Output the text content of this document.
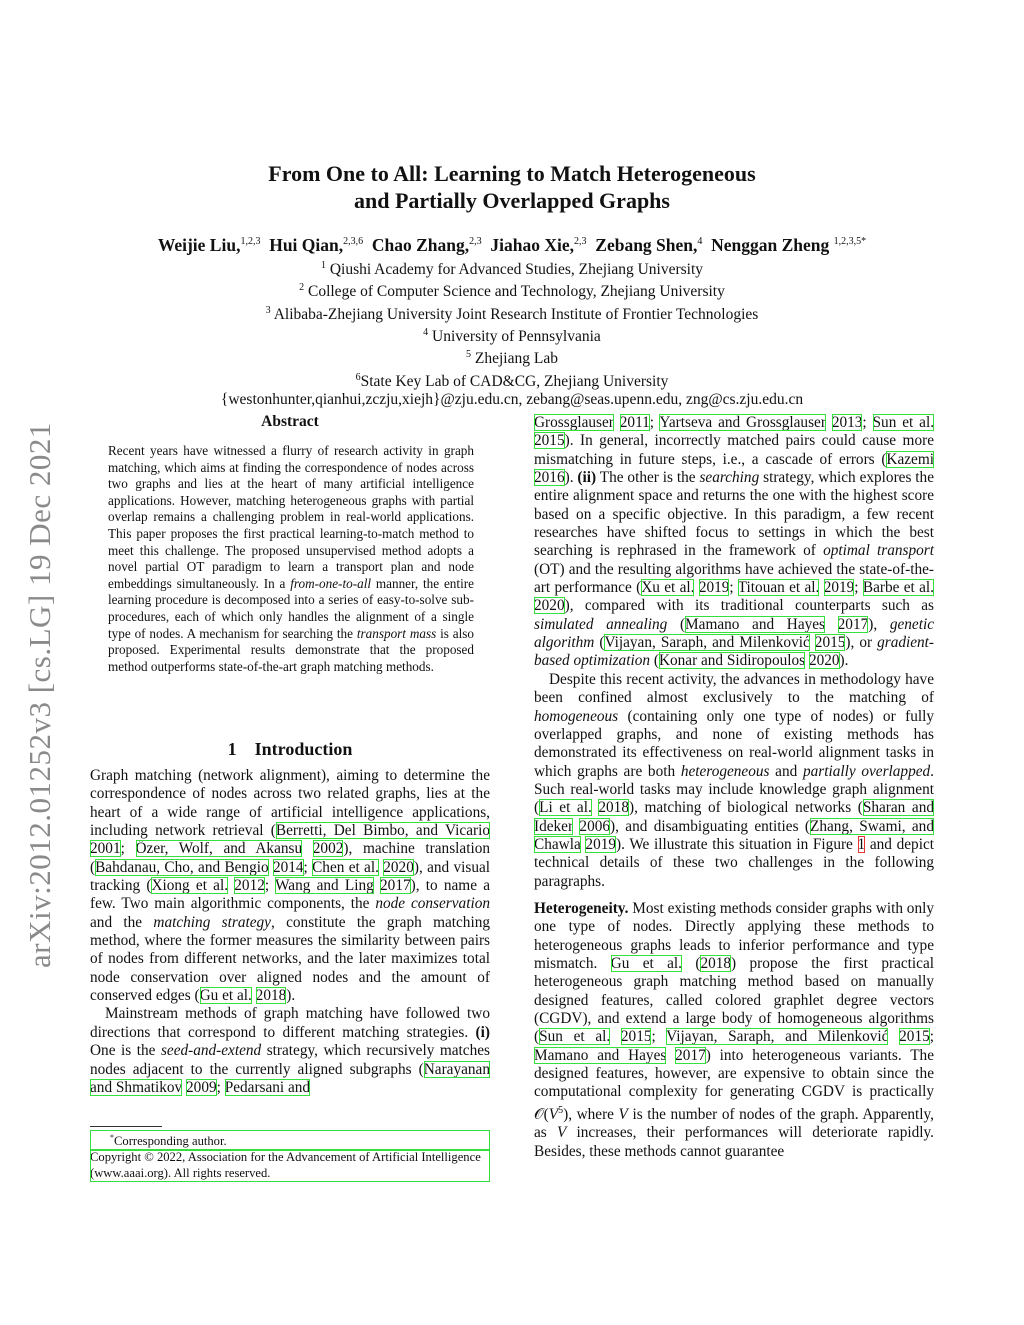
arXiv:2012.01252v3 [cs.LG] 19 Dec 2021
From One to All: Learning to Match Heterogeneous
and Partially Overlapped Graphs
Weijie Liu,$^{1,2,3}$ Hui Qian,$^{2,3,6}$ Chao Zhang,$^{2,3}$ Jiahao Xie,$^{2,3}$ Zebang Shen,$^4$ Nenggan Zheng $^{1,2,3,5*}$
$^1$ Qiushi Academy for Advanced Studies, Zhejiang University
$^2$ College of Computer Science and Technology, Zhejiang University
$^3$ Alibaba-Zhejiang University Joint Research Institute of Frontier Technologies
$^4$ University of Pennsylvania
$^5$ Zhejiang Lab
$^6$State Key Lab of CAD&CG, Zhejiang University
{westonhunter,qianhui,zczju,xiejh}@zju.edu.cn, zebang@seas.upenn.edu, zng@cs.zju.edu.cn
Abstract
Recent years have witnessed a flurry of research activity in graph matching, which aims at finding the correspondence of nodes across two graphs and lies at the heart of many artificial intelligence applications. However, matching heterogeneous graphs with partial overlap remains a challenging problem in real-world applications. This paper proposes the first practical learning-to-match method to meet this challenge. The proposed unsupervised method adopts a novel partial OT paradigm to learn a transport plan and node embeddings simultaneously. In a from-one-to-all manner, the entire learning procedure is decomposed into a series of easy-to-solve sub-procedures, each of which only handles the alignment of a single type of nodes. A mechanism for searching the transport mass is also proposed. Experimental results demonstrate that the proposed method outperforms state-of-the-art graph matching methods.
1 Introduction

Graph matching (network alignment), aiming to determine the correspondence of nodes across two related graphs, lies at the heart of a wide range of artificial intelligence applications, including network retrieval (Berretti, Del Bimbo, and Vicario 2001; Özer, Wolf, and Akansu 2002), machine translation (Bahdanau, Cho, and Bengio 2014; Chen et al. 2020), and visual tracking (Xiong et al. 2012; Wang and Ling 2017), to name a few. Two main algorithmic components, the node conservation and the matching strategy, constitute the graph matching method, where the former measures the similarity between pairs of nodes from different networks, and the later maximizes total node conservation over aligned nodes and the amount of conserved edges (Gu et al. 2018).

Mainstream methods of graph matching have followed two directions that correspond to different matching strategies. (i) One is the seed-and-extend strategy, which recursively matches nodes adjacent to the currently aligned subgraphs (Narayanan and Shmatikov 2009; Pedarsani and

*Corresponding author.
Copyright © 2022, Association for the Advancement of Artificial Intelligence (www.aaai.org). All rights reserved.

Grossglauser 2011; Yartseva and Grossglauser 2013; Sun et al. 2015). In general, incorrectly matched pairs could cause more mismatching in future steps, i.e., a cascade of errors (Kazemi 2016). (ii) The other is the searching strategy, which explores the entire alignment space and returns the one with the highest score based on a specific objective. In this paradigm, a few recent researches have shifted focus to settings in which the best searching is rephrased in the framework of optimal transport (OT) and the resulting algorithms have achieved the state-of-the-art performance (Xu et al. 2019; Titouan et al. 2019; Barbe et al. 2020), compared with its traditional counterparts such as simulated annealing (Mamano and Hayes 2017), genetic algorithm (Vijayan, Saraph, and Milenković 2015), or gradient-based optimization (Konar and Sidiropoulos 2020).

Despite this recent activity, the advances in methodology have been confined almost exclusively to the matching of homogeneous (containing only one type of nodes) or fully overlapped graphs, and none of existing methods has demonstrated its effectiveness on real-world alignment tasks in which graphs are both heterogeneous and partially overlapped. Such real-world tasks may include knowledge graph alignment (Li et al. 2018), matching of biological networks (Sharan and Ideker 2006), and disambiguating entities (Zhang, Swami, and Chawla 2019). We illustrate this situation in Figure 1 and depict technical details of these two challenges in the following paragraphs.

Heterogeneity. Most existing methods consider graphs with only one type of nodes. Directly applying these methods to heterogeneous graphs leads to inferior performance and type mismatch. Gu et al. (2018) propose the first practical heterogeneous graph matching method based on manually designed features, called colored graphlet degree vectors (CGDV), and extend a large body of homogeneous algorithms (Sun et al. 2015; Vijayan, Saraph, and Milenković 2015; Mamano and Hayes 2017) into heterogeneous variants. The designed features, however, are expensive to obtain since the computational complexity for generating CGDV is practically $𝒪(V^5)$, where V is the number of nodes of the graph. Apparently, as V increases, their performances will deteriorate rapidly. Besides, these methods cannot guarantee
